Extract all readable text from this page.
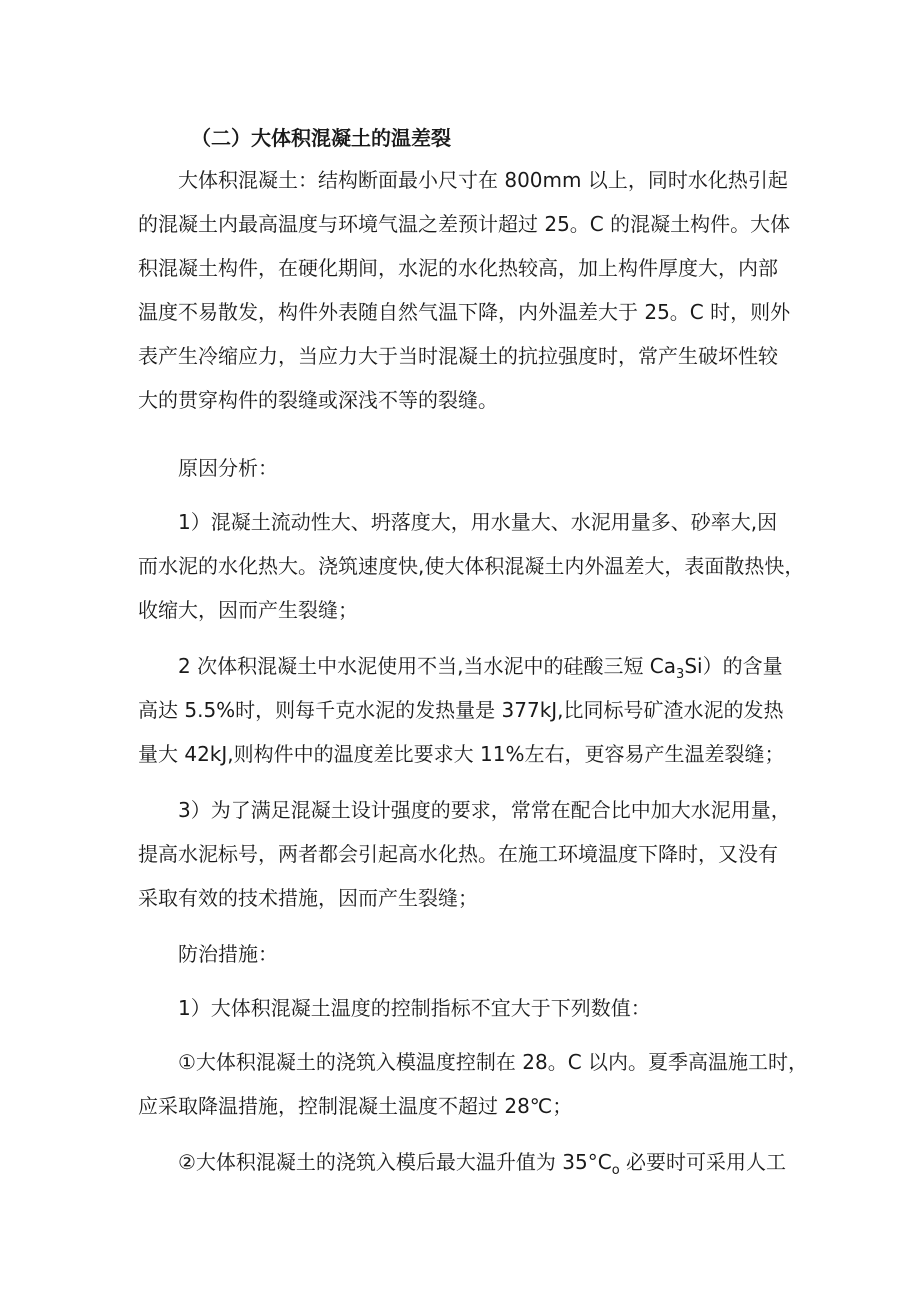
（二）大体积混凝土的温差裂
大体积混凝土：结构断面最小尺寸在 800mm 以上，同时水化热引起
的混凝土内最高温度与环境气温之差预计超过 25。C 的混凝土构件。大体
积混凝土构件，在硬化期间，水泥的水化热较高，加上构件厚度大，内部
温度不易散发，构件外表随自然气温下降，内外温差大于 25。C 时，则外
表产生冷缩应力，当应力大于当时混凝土的抗拉强度时，常产生破坏性较
大的贯穿构件的裂缝或深浅不等的裂缝。
原因分析：
1）混凝土流动性大、坍落度大，用水量大、水泥用量多、砂率大,因
而水泥的水化热大。浇筑速度快,使大体积混凝土内外温差大，表面散热快，
收缩大，因而产生裂缝；
2 次体积混凝土中水泥使用不当,当水泥中的硅酸三短 $Ca_3Si$）的含量
高达 5.5%时，则每千克水泥的发热量是 377kJ,比同标号矿渣水泥的发热
量大 42kJ,则构件中的温度差比要求大 11%左右，更容易产生温差裂缝；
3）为了满足混凝土设计强度的要求，常常在配合比中加大水泥用量，
提高水泥标号，两者都会引起高水化热。在施工环境温度下降时，又没有
采取有效的技术措施，因而产生裂缝；
防治措施：
1）大体积混凝土温度的控制指标不宜大于下列数值：
①大体积混凝土的浇筑入模温度控制在 28。C 以内。夏季高温施工时，
应采取降温措施，控制混凝土温度不超过 28℃；
②大体积混凝土的浇筑入模后最大温升值为 $35^\circ C_o$ 必要时可采用人工
